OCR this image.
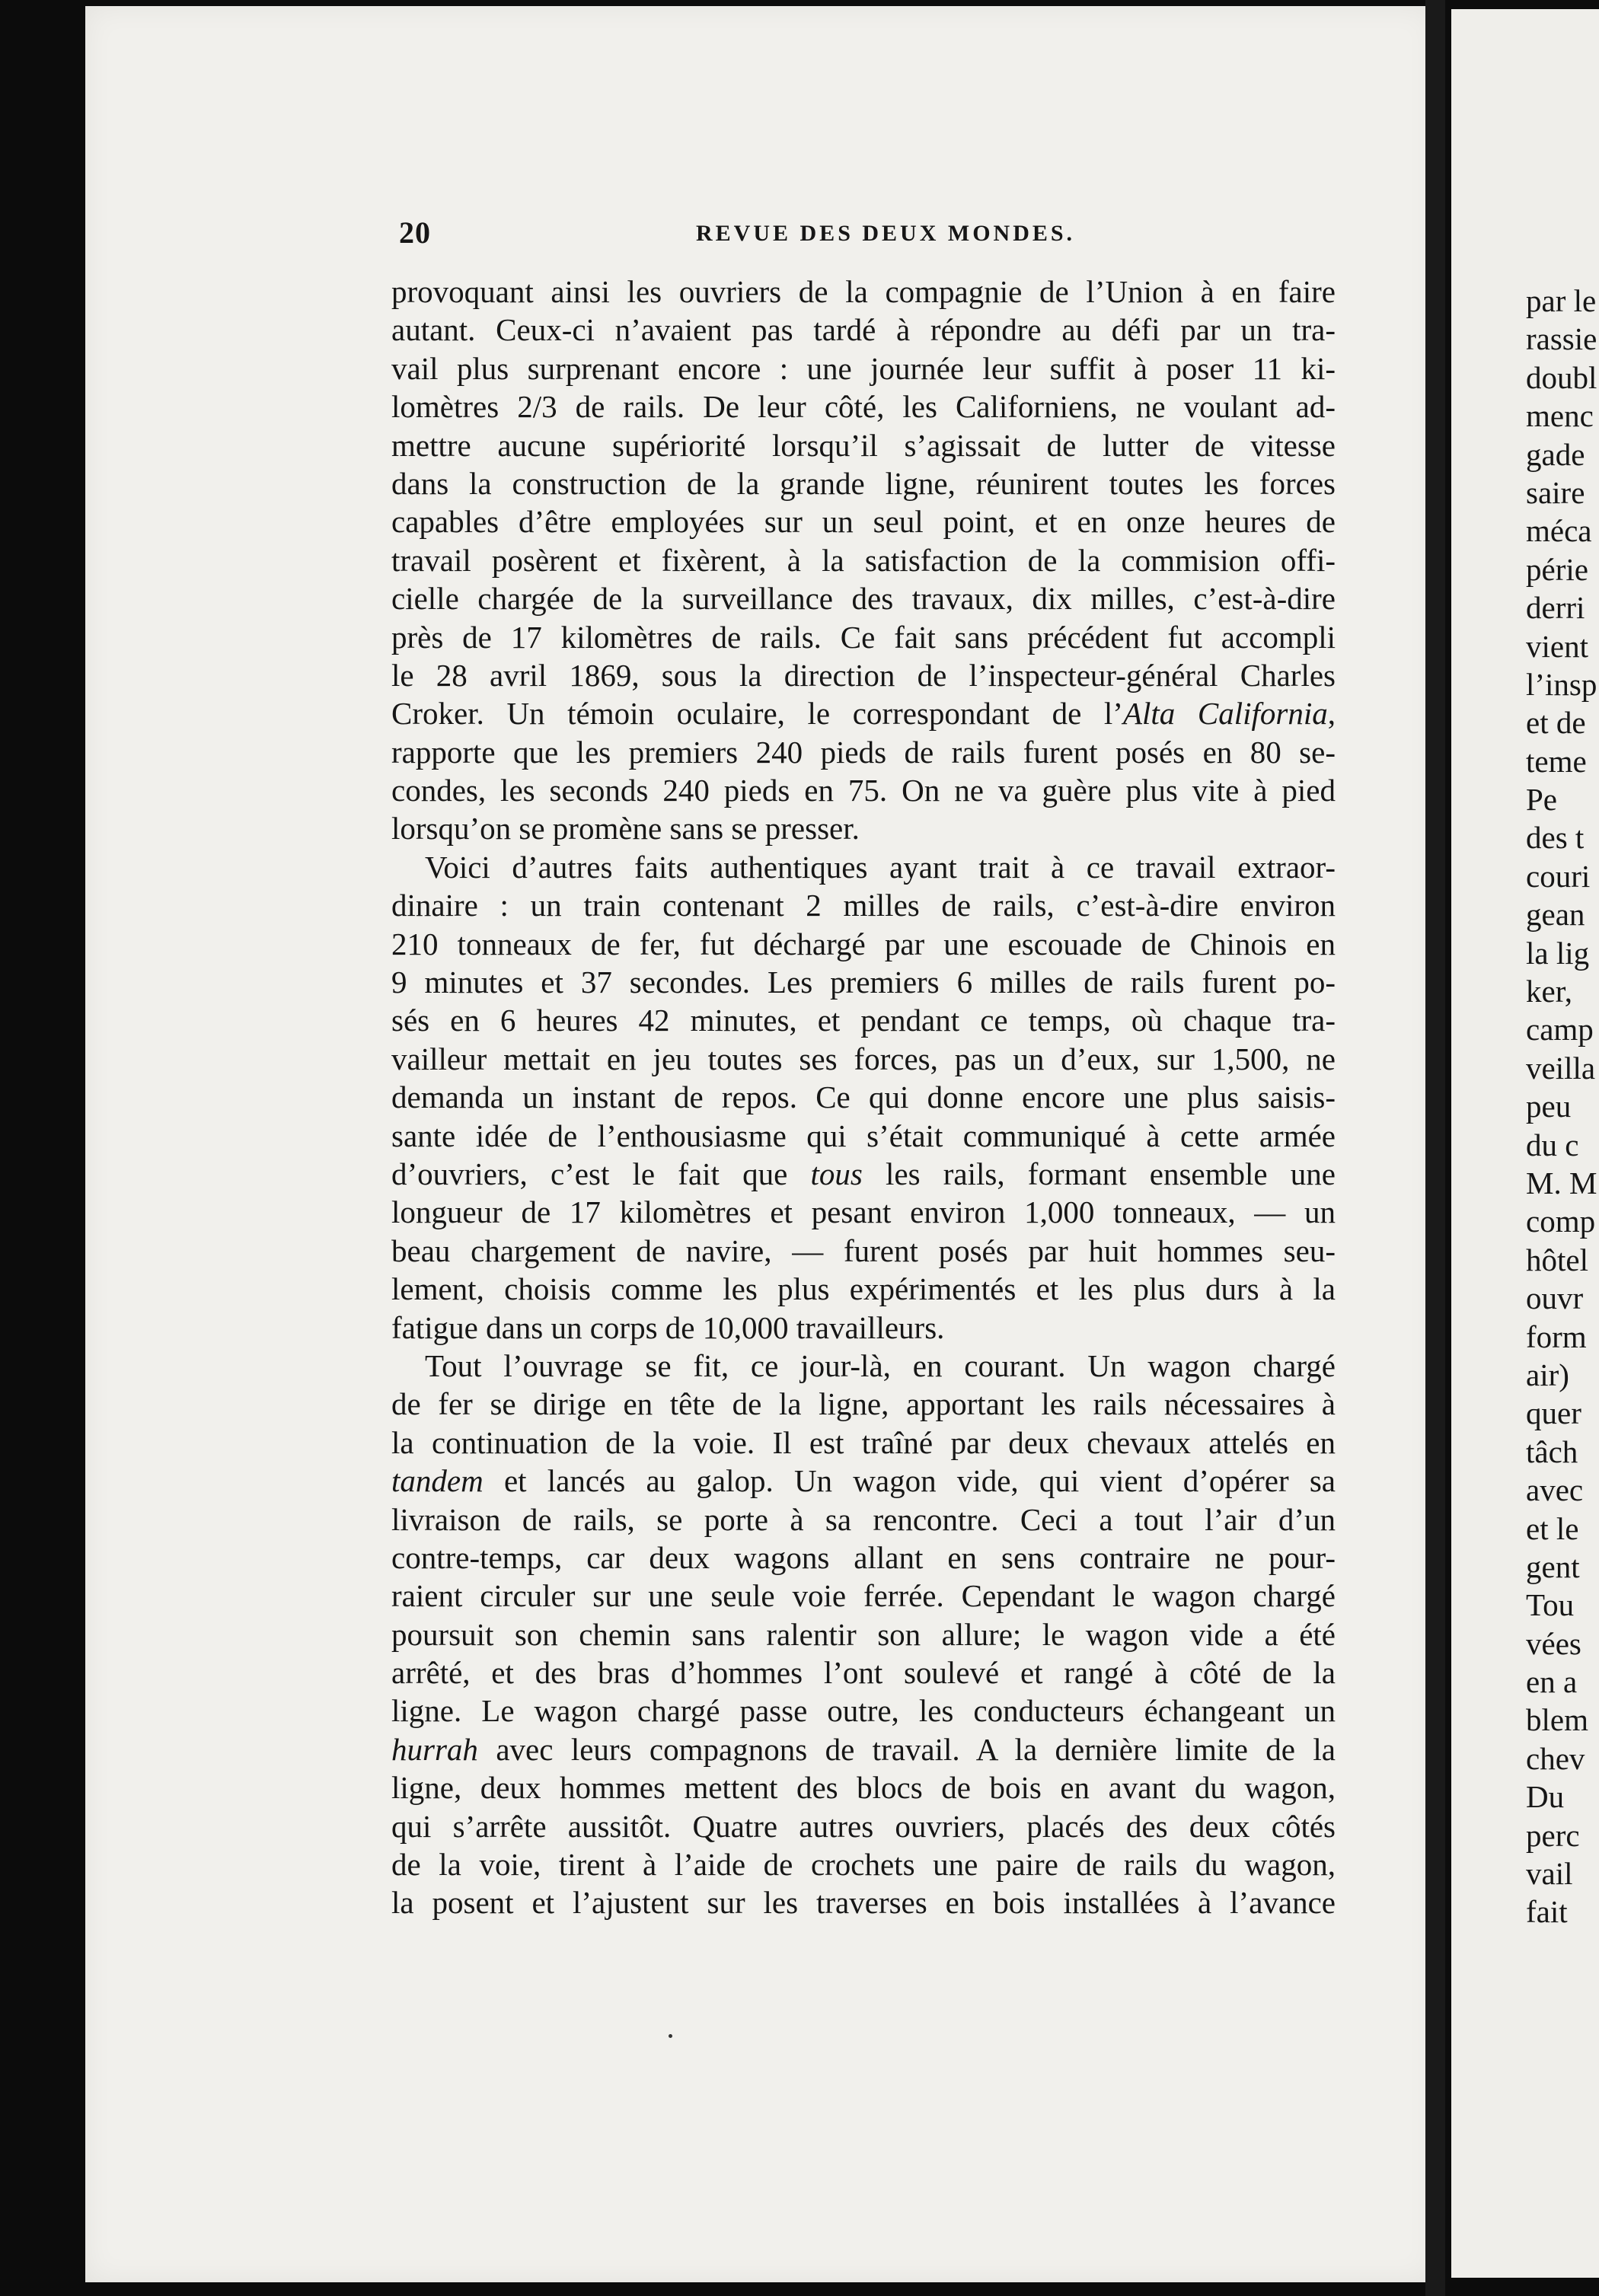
par le
rassie
doubl
menc
gade
saire
méca
périe
derri
vient
l’insp
et de
teme
Pe
des t
couri
gean
la lig
ker,
camp
veilla
peu
du c
M. M
comp
hôtel
ouvr
form
air)
quer
tâch
avec
et le
gent
Tou
vées
en a
blem
chev
Du
perc
vail
fait
20	REVUE DES DEUX MONDES.
provoquant ainsi les ouvriers de la compagnie de l’Union à en faire
autant. Ceux-ci n’avaient pas tardé à répondre au défi par un tra-
vail plus surprenant encore : une journée leur suffit à poser 11 ki-
lomètres 2/3 de rails. De leur côté, les Californiens, ne voulant ad-
mettre aucune supériorité lorsqu’il s’agissait de lutter de vitesse
dans la construction de la grande ligne, réunirent toutes les forces
capables d’être employées sur un seul point, et en onze heures de
travail posèrent et fixèrent, à la satisfaction de la commision offi-
cielle chargée de la surveillance des travaux, dix milles, c’est-à-dire
près de 17 kilomètres de rails. Ce fait sans précédent fut accompli
le 28 avril 1869, sous la direction de l’inspecteur-général Charles
Croker. Un témoin oculaire, le correspondant de l’Alta California,
rapporte que les premiers 240 pieds de rails furent posés en 80 se-
condes, les seconds 240 pieds en 75. On ne va guère plus vite à pied
lorsqu’on se promène sans se presser.
Voici d’autres faits authentiques ayant trait à ce travail extraor-
dinaire : un train contenant 2 milles de rails, c’est-à-dire environ
210 tonneaux de fer, fut déchargé par une escouade de Chinois en
9 minutes et 37 secondes. Les premiers 6 milles de rails furent po-
sés en 6 heures 42 minutes, et pendant ce temps, où chaque tra-
vailleur mettait en jeu toutes ses forces, pas un d’eux, sur 1,500, ne
demanda un instant de repos. Ce qui donne encore une plus saisis-
sante idée de l’enthousiasme qui s’était communiqué à cette armée
d’ouvriers, c’est le fait que tous les rails, formant ensemble une
longueur de 17 kilomètres et pesant environ 1,000 tonneaux, — un
beau chargement de navire, — furent posés par huit hommes seu-
lement, choisis comme les plus expérimentés et les plus durs à la
fatigue dans un corps de 10,000 travailleurs.
Tout l’ouvrage se fit, ce jour-là, en courant. Un wagon chargé
de fer se dirige en tête de la ligne, apportant les rails nécessaires à
la continuation de la voie. Il est traîné par deux chevaux attelés en
tandem et lancés au galop. Un wagon vide, qui vient d’opérer sa
livraison de rails, se porte à sa rencontre. Ceci a tout l’air d’un
contre-temps, car deux wagons allant en sens contraire ne pour-
raient circuler sur une seule voie ferrée. Cependant le wagon chargé
poursuit son chemin sans ralentir son allure; le wagon vide a été
arrêté, et des bras d’hommes l’ont soulevé et rangé à côté de la
ligne. Le wagon chargé passe outre, les conducteurs échangeant un
hurrah avec leurs compagnons de travail. A la dernière limite de la
ligne, deux hommes mettent des blocs de bois en avant du wagon,
qui s’arrête aussitôt. Quatre autres ouvriers, placés des deux côtés
de la voie, tirent à l’aide de crochets une paire de rails du wagon,
la posent et l’ajustent sur les traverses en bois installées à l’avance
